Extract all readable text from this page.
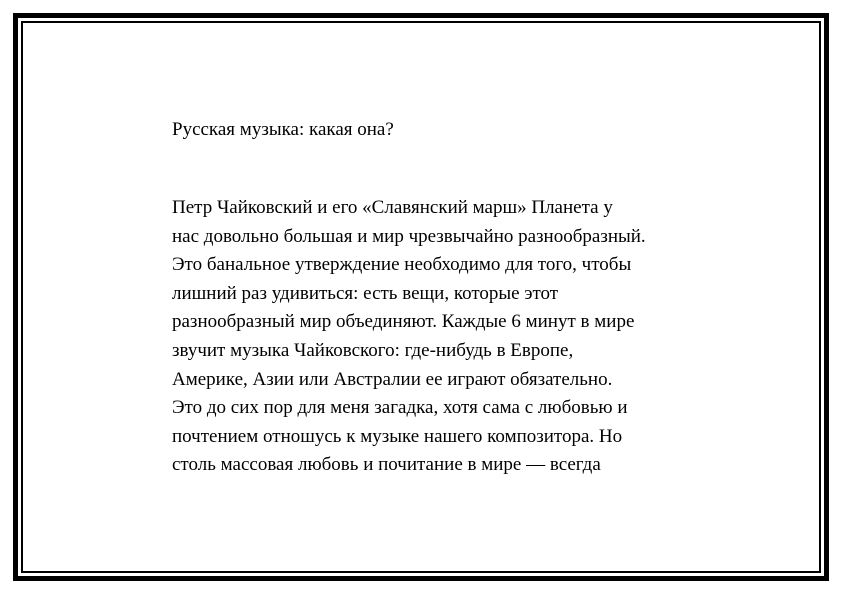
Русская музыка: какая она?
Петр Чайковский и его «Славянский марш» Планета у
нас довольно большая и мир чрезвычайно разнообразный.
Это банальное утверждение необходимо для того, чтобы
лишний раз удивиться: есть вещи, которые этот
разнообразный мир объединяют. Каждые 6 минут в мире
звучит музыка Чайковского: где-нибудь в Европе,
Америке, Азии или Австралии ее играют обязательно.
Это до сих пор для меня загадка, хотя сама с любовью и
почтением отношусь к музыке нашего композитора. Но
столь массовая любовь и почитание в мире — всегда
